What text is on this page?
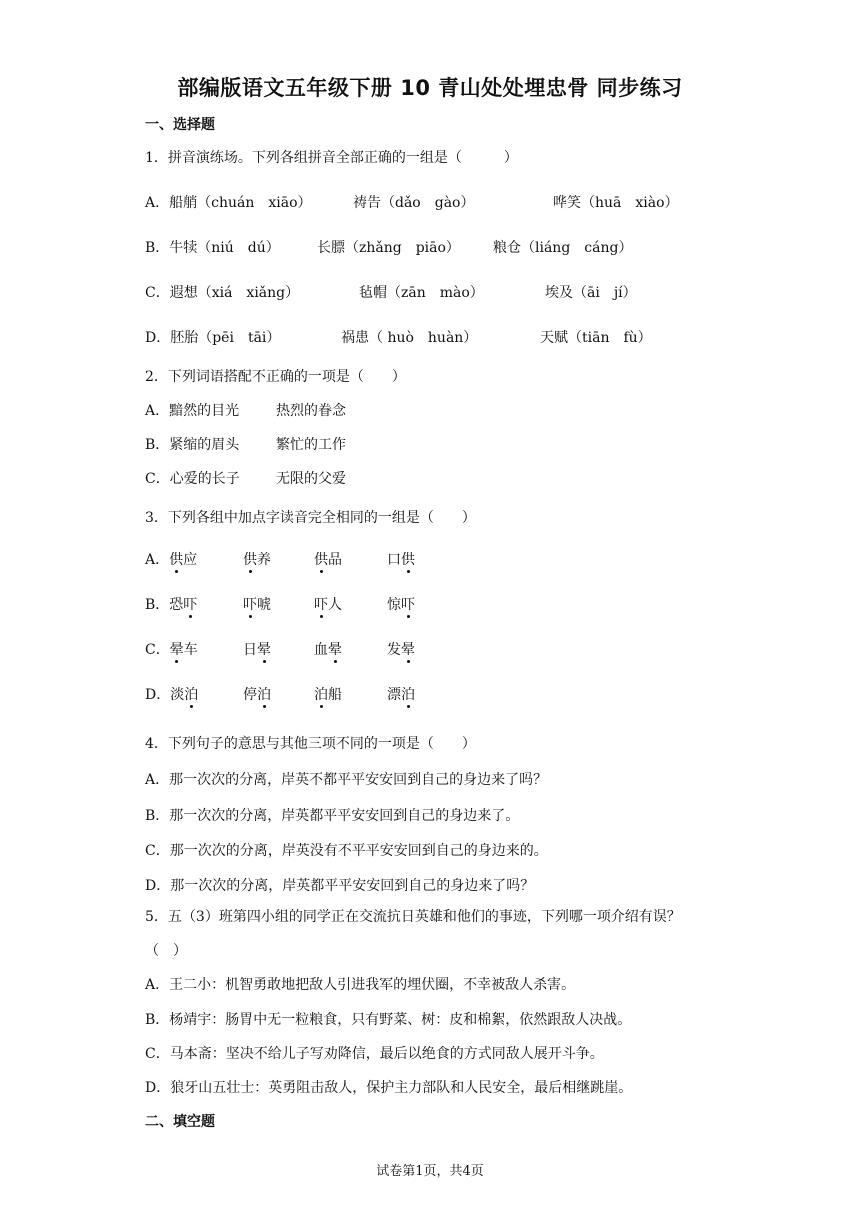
部编版语文五年级下册 10 青山处处埋忠骨 同步练习
一、选择题
1．拼音演练场。下列各组拼音全部正确的一组是（　　　）
A．船艄（chuán　xiāo）	祷告（dǎo　gào）	哗笑（huā　xiào）
B．牛犊（niú　dú）	长膘（zhǎng　piāo） 粮仓（liáng　cáng）
C．遐想（xiá　xiǎng）	毡帽（zān　mào）	埃及（āi　jí）
D．胚胎（pēi　tāi）	祸患（ huò　huàn）	天赋（tiān　fù）
2．下列词语搭配不正确的一项是（　　）
A．黯然的目光	热烈的眷念
B．紧缩的眉头	繁忙的工作
C．心爱的长子	无限的父爱
3．下列各组中加点字读音完全相同的一组是（　　）
A．供应	供养	供品	口供
B．恐吓	吓唬	吓人	惊吓
C．晕车	日晕	血晕	发晕
D．淡泊	停泊	泊船	漂泊
4．下列句子的意思与其他三项不同的一项是（　　）
A．那一次次的分离，岸英不都平平安安回到自己的身边来了吗？
B．那一次次的分离，岸英都平平安安回到自己的身边来了。
C．那一次次的分离，岸英没有不平平安安回到自己的身边来的。
D．那一次次的分离，岸英都平平安安回到自己的身边来了吗？
5．五（3）班第四小组的同学正在交流抗日英雄和他们的事迹，下列哪一项介绍有误？
（　）
A．王二小：机智勇敢地把敌人引进我军的埋伏圈，不幸被敌人杀害。
B．杨靖宇：肠胃中无一粒粮食，只有野菜、树：皮和棉絮，依然跟敌人决战。
C．马本斋：坚决不给儿子写劝降信，最后以绝食的方式同敌人展开斗争。
D．狼牙山五壮士：英勇阻击敌人，保护主力部队和人民安全，最后相继跳崖。
二、填空题
试卷第1页，共4页
